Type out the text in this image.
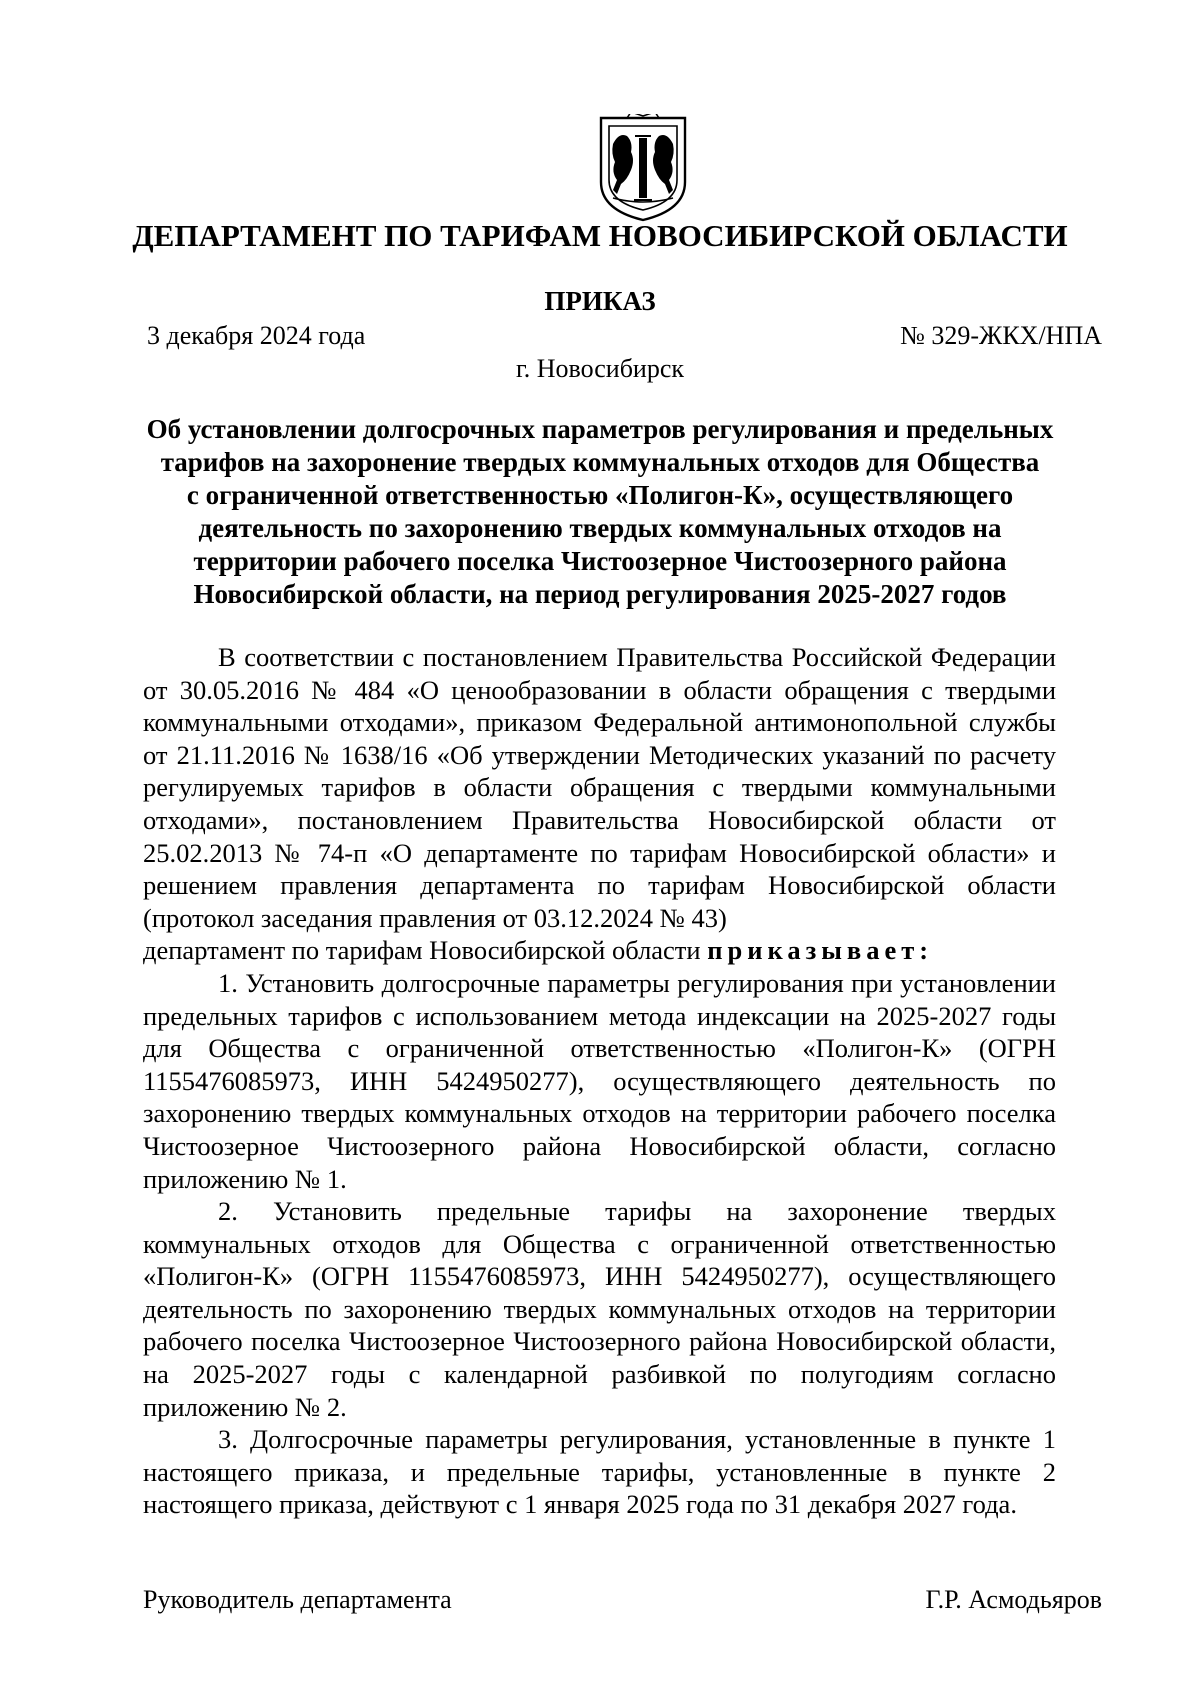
ДЕПАРТАМЕНТ ПО ТАРИФАМ НОВОСИБИРСКОЙ ОБЛАСТИ
ПРИКАЗ
3 декабря 2024 года	№ 329-ЖКХ/НПА
г. Новосибирск
Об установлении долгосрочных параметров регулирования и предельных
тарифов на захоронение твердых коммунальных отходов для Общества
с ограниченной ответственностью «Полигон-К», осуществляющего
деятельность по захоронению твердых коммунальных отходов на
территории рабочего поселка Чистоозерное Чистоозерного района
Новосибирской области, на период регулирования 2025-2027 годов

В соответствии с постановлением Правительства Российской Федерации от 30.05.2016 № 484 «О ценообразовании в области обращения с твердыми коммунальными отходами», приказом Федеральной антимонопольной службы от 21.11.2016 № 1638/16 «Об утверждении Методических указаний по расчету регулируемых тарифов в области обращения с твердыми коммунальными отходами», постановлением Правительства Новосибирской области от 25.02.2013 № 74-п «О департаменте по тарифам Новосибирской области» и решением правления департамента по тарифам Новосибирской области (протокол заседания правления от 03.12.2024 № 43)

департамент по тарифам Новосибирской области приказывает:

1. Установить долгосрочные параметры регулирования при установлении предельных тарифов с использованием метода индексации на 2025-2027 годы для Общества с ограниченной ответственностью «Полигон-К» (ОГРН 1155476085973, ИНН 5424950277), осуществляющего деятельность по захоронению твердых коммунальных отходов на территории рабочего поселка Чистоозерное Чистоозерного района Новосибирской области, согласно приложению № 1.

2. Установить предельные тарифы на захоронение твердых коммунальных отходов для Общества с ограниченной ответственностью «Полигон-К» (ОГРН 1155476085973, ИНН 5424950277), осуществляющего деятельность по захоронению твердых коммунальных отходов на территории рабочего поселка Чистоозерное Чистоозерного района Новосибирской области, на 2025-2027 годы с календарной разбивкой по полугодиям согласно приложению № 2.

3. Долгосрочные параметры регулирования, установленные в пункте 1 настоящего приказа, и предельные тарифы, установленные в пункте 2 настоящего приказа, действуют с 1 января 2025 года по 31 декабря 2027 года.

Руководитель департамента	Г.Р. Асмодьяров
